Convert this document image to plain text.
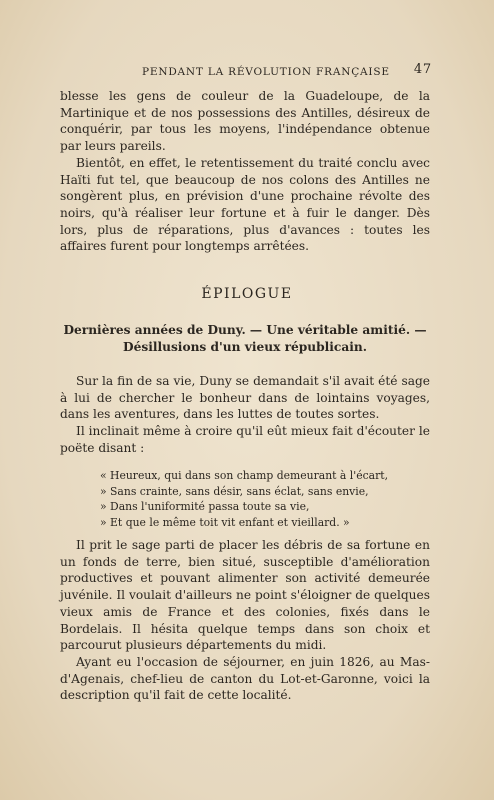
PENDANT LA RÉVOLUTION FRANÇAISE 47

blesse les gens de couleur de la Guadeloupe, de la Martinique et de nos possessions des Antilles, désireux de conquérir, par tous les moyens, l'indépendance obtenue par leurs pareils.

Bientôt, en effet, le retentissement du traité conclu avec Haïti fut tel, que beaucoup de nos colons des Antilles ne songèrent plus, en prévision d'une prochaine révolte des noirs, qu'à réaliser leur fortune et à fuir le danger. Dès lors, plus de réparations, plus d'avances : toutes les affaires furent pour longtemps arrêtées.

ÉPILOGUE
Dernières années de Duny. — Une véritable amitié. — Désillusions d'un vieux républicain.

Sur la fin de sa vie, Duny se demandait s'il avait été sage à lui de chercher le bonheur dans de lointains voyages, dans les aventures, dans les luttes de toutes sortes.

Il inclinait même à croire qu'il eût mieux fait d'écouter le poëte disant :

« Heureux, qui dans son champ demeurant à l'écart,
» Sans crainte, sans désir, sans éclat, sans envie,
» Dans l'uniformité passa toute sa vie,
» Et que le même toit vit enfant et vieillard. »

Il prit le sage parti de placer les débris de sa fortune en un fonds de terre, bien situé, susceptible d'amélioration productives et pouvant alimenter son activité demeurée juvénile. Il voulait d'ailleurs ne point s'éloigner de quelques vieux amis de France et des colonies, fixés dans le Bordelais. Il hésita quelque temps dans son choix et parcourut plusieurs départements du midi.

Ayant eu l'occasion de séjourner, en juin 1826, au Mas-d'Agenais, chef-lieu de canton du Lot-et-Garonne, voici la description qu'il fait de cette localité.
